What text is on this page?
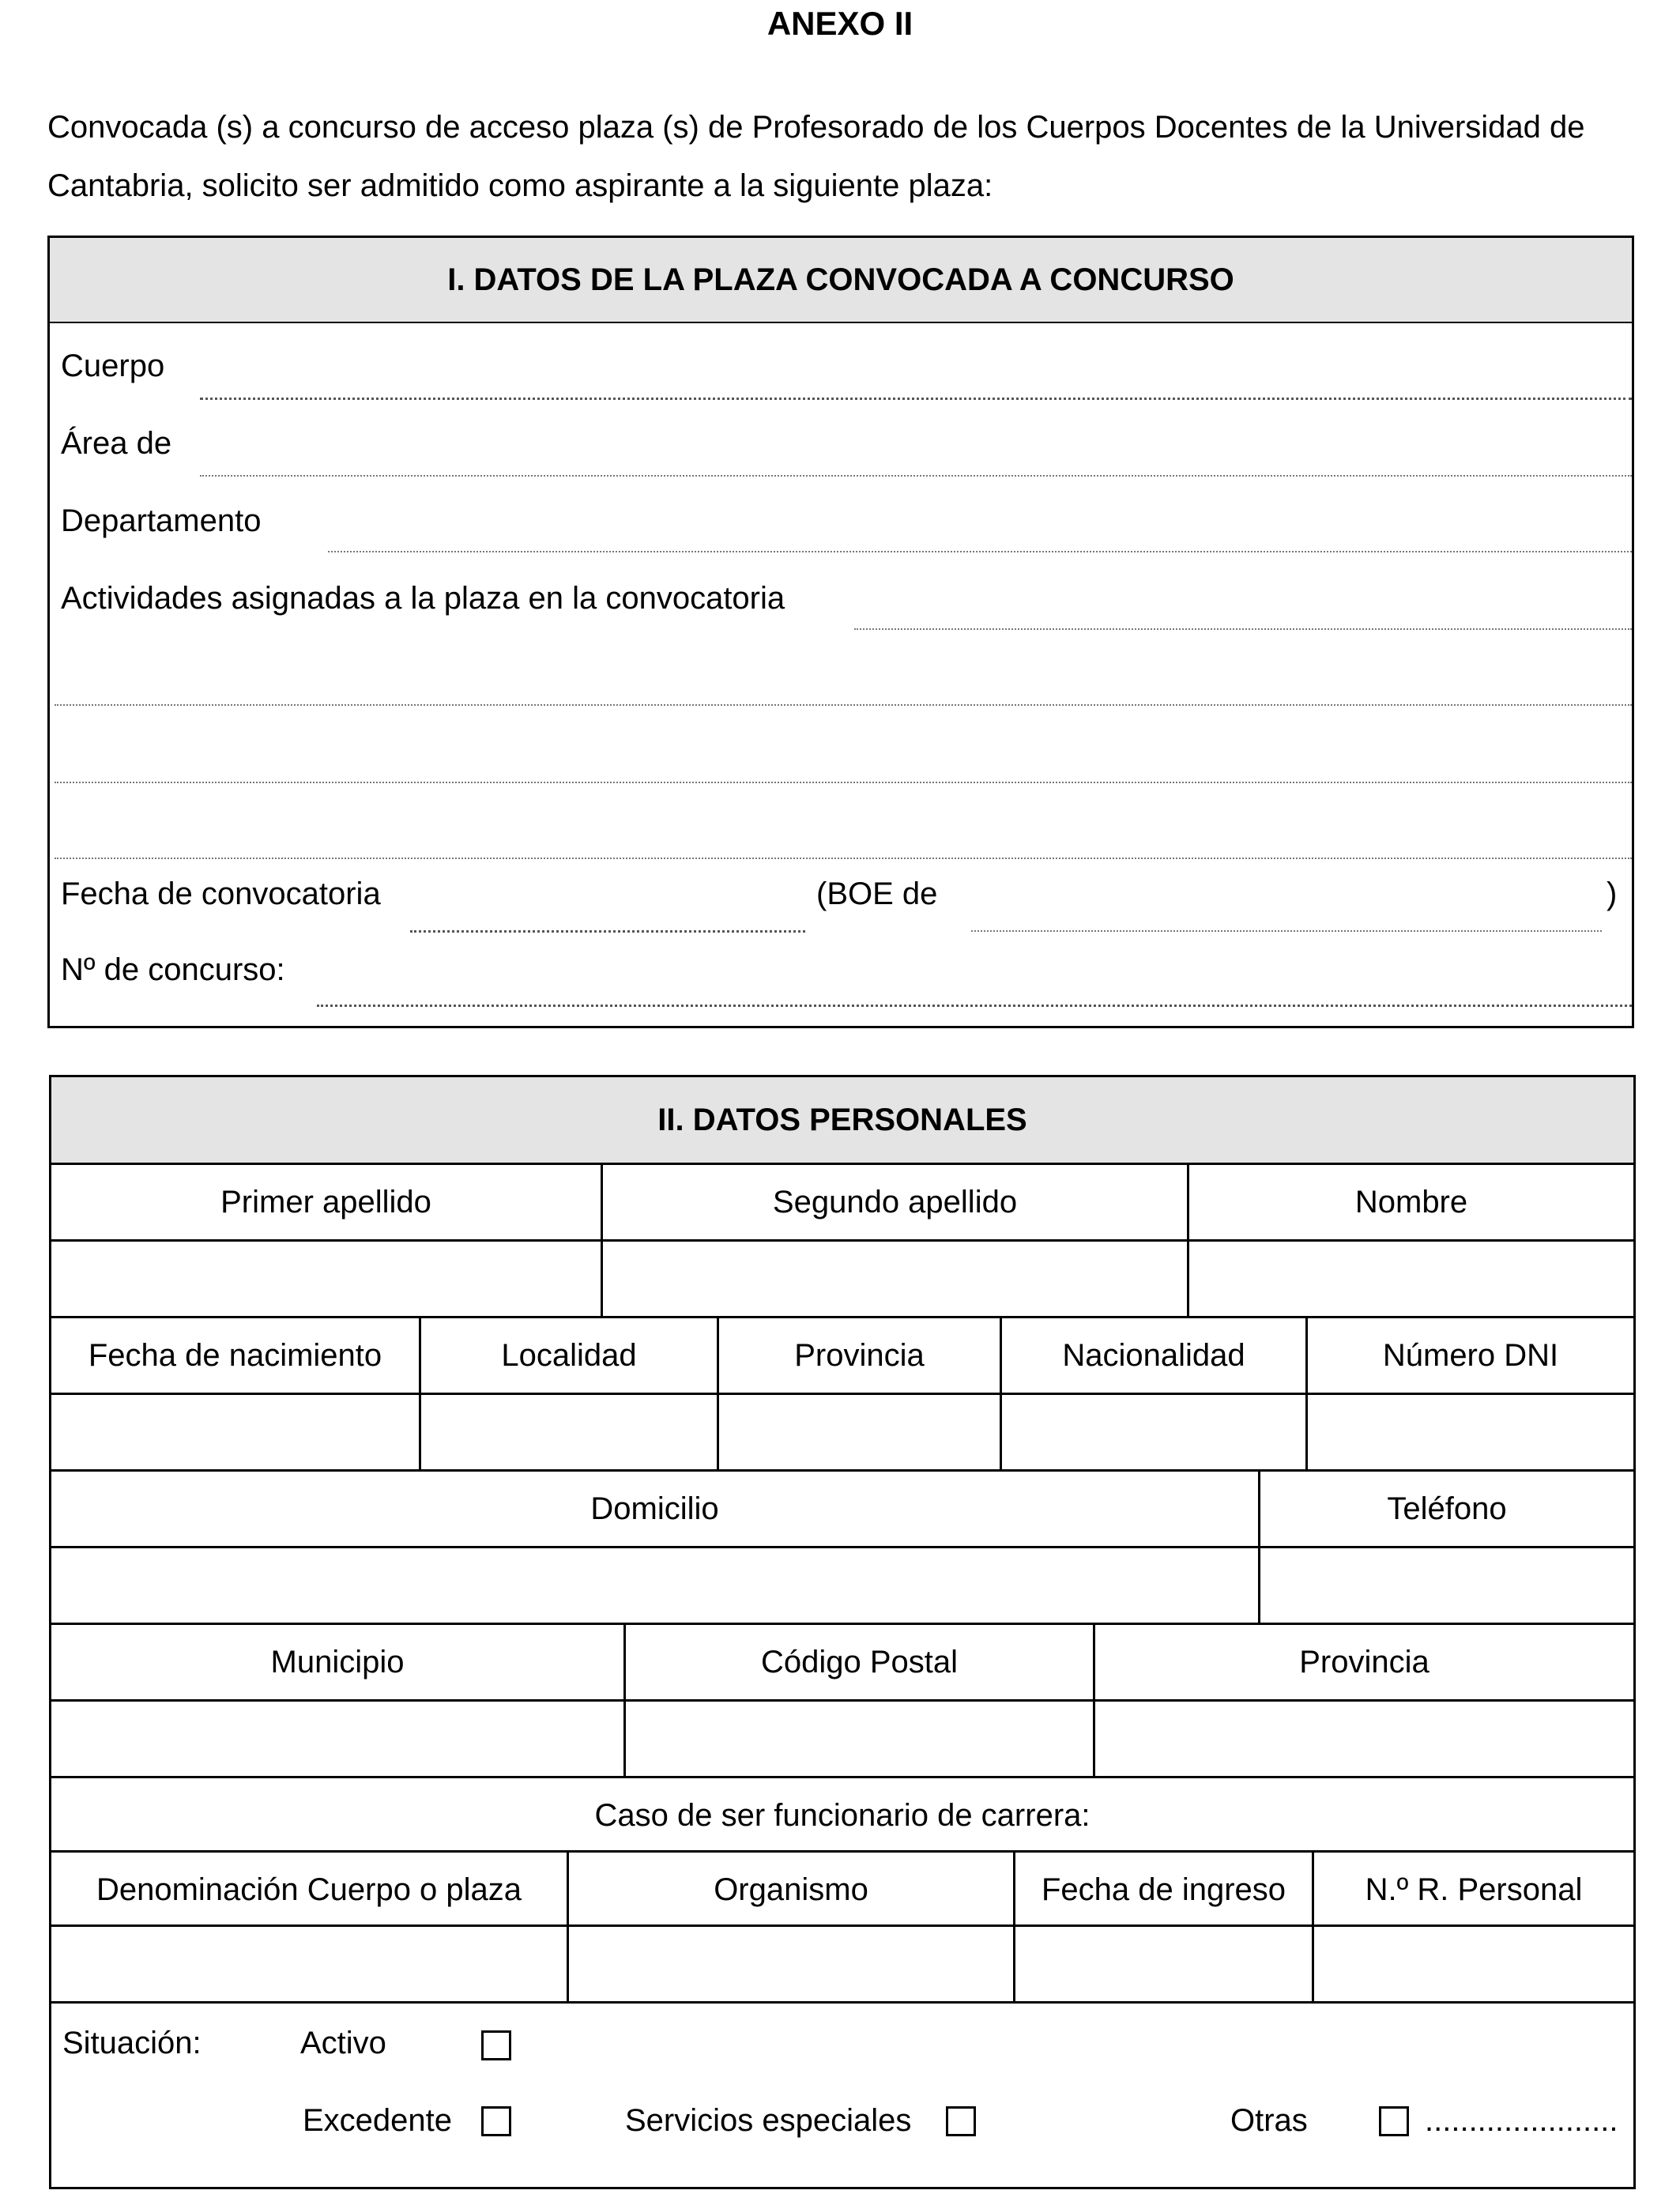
ANEXO II
Convocada (s) a concurso de acceso plaza (s) de Profesorado de los Cuerpos Docentes de la Universidad de Cantabria, solicito ser admitido como aspirante a la siguiente plaza:
I. DATOS DE LA PLAZA CONVOCADA A CONCURSO
Cuerpo
Área de
Departamento
Actividades asignadas a la plaza en la convocatoria
Fecha de convocatoria	(BOE de	)
Nº de concurso:
II. DATOS PERSONALES
Primer apellido	Segundo apellido	Nombre
Fecha de nacimiento	Localidad	Provincia	Nacionalidad	Número DNI
Domicilio	Teléfono
Municipio	Código Postal	Provincia
Caso de ser funcionario de carrera:
Denominación Cuerpo o plaza	Organismo	Fecha de ingreso	N.º R. Personal
Situación:	Activo
Excedente	Servicios especiales	Otras	......................
